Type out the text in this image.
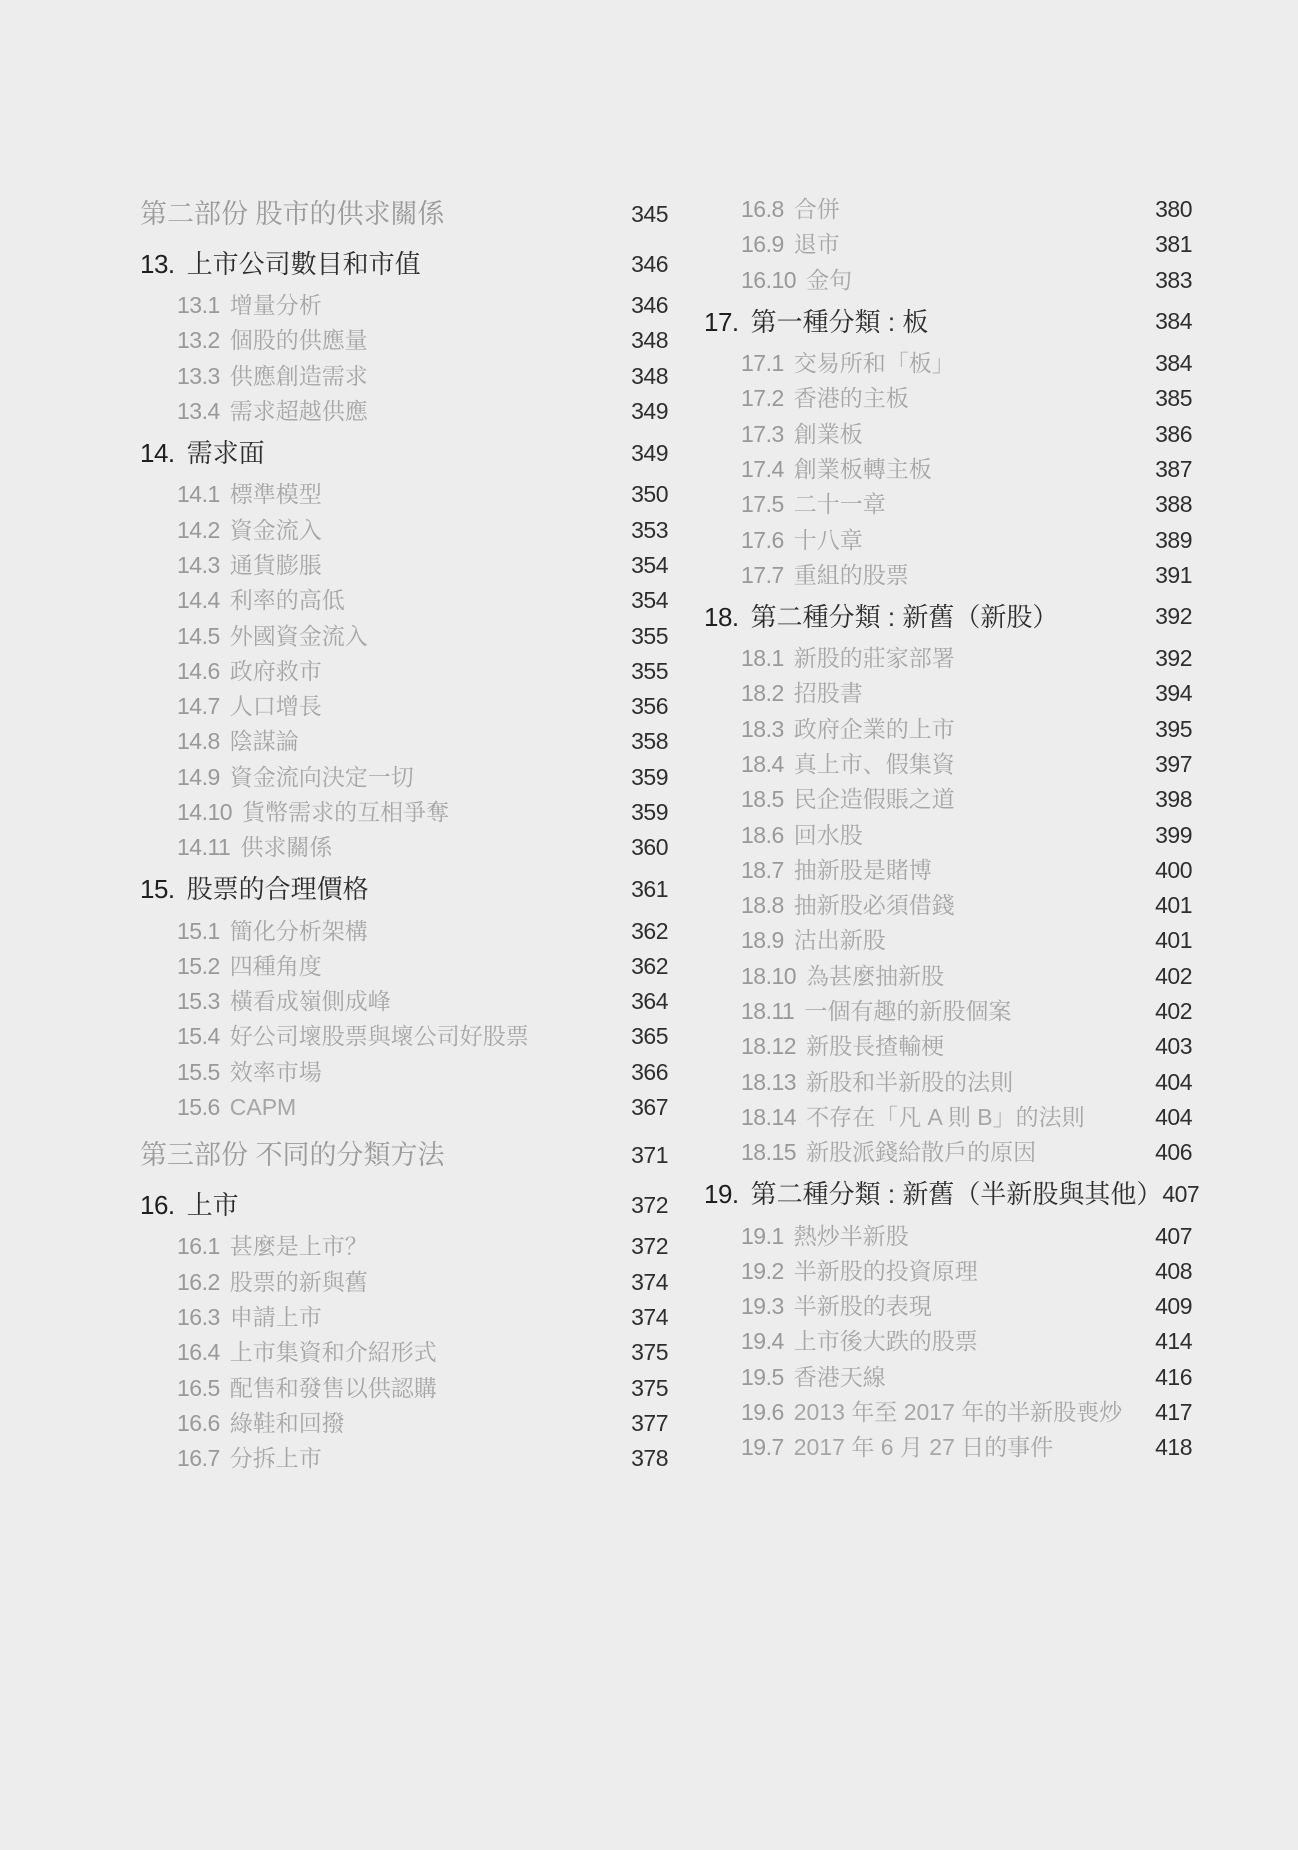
第二部份 股市的供求關係	345
13. 上市公司數目和市值	346
13.1 增量分析	346
13.2 個股的供應量	348
13.3 供應創造需求	348
13.4 需求超越供應	349
14. 需求面	349
14.1 標準模型	350
14.2 資金流入	353
14.3 通貨膨脹	354
14.4 利率的高低	354
14.5 外國資金流入	355
14.6 政府救市	355
14.7 人口增長	356
14.8 陰謀論	358
14.9 資金流向決定一切	359
14.10 貨幣需求的互相爭奪	359
14.11 供求關係	360
15. 股票的合理價格	361
15.1 簡化分析架構	362
15.2 四種角度	362
15.3 橫看成嶺側成峰	364
15.4 好公司壞股票與壞公司好股票	365
15.5 效率市場	366
15.6 CAPM	367
第三部份 不同的分類方法	371
16. 上市	372
16.1 甚麼是上市？	372
16.2 股票的新與舊	374
16.3 申請上市	374
16.4 上市集資和介紹形式	375
16.5 配售和發售以供認購	375
16.6 綠鞋和回撥	377
16.7 分拆上市	378
16.8 合併	380
16.9 退市	381
16.10 金句	383
17. 第一種分類 : 板	384
17.1 交易所和「板」	384
17.2 香港的主板	385
17.3 創業板	386
17.4 創業板轉主板	387
17.5 二十一章	388
17.6 十八章	389
17.7 重組的股票	391
18. 第二種分類 : 新舊（新股）	392
18.1 新股的莊家部署	392
18.2 招股書	394
18.3 政府企業的上市	395
18.4 真上市、假集資	397
18.5 民企造假賬之道	398
18.6 回水股	399
18.7 抽新股是賭博	400
18.8 抽新股必須借錢	401
18.9 沽出新股	401
18.10 為甚麼抽新股	402
18.11 一個有趣的新股個案	402
18.12 新股長揸輸梗	403
18.13 新股和半新股的法則	404
18.14 不存在「凡 A 則 B」的法則	404
18.15 新股派錢給散戶的原因	406
19. 第二種分類 : 新舊（半新股與其他） 407
19.1 熱炒半新股	407
19.2 半新股的投資原理	408
19.3 半新股的表現	409
19.4 上市後大跌的股票	414
19.5 香港天線	416
19.6 2013 年至 2017 年的半新股喪炒	417
19.7 2017 年 6 月 27 日的事件	418
